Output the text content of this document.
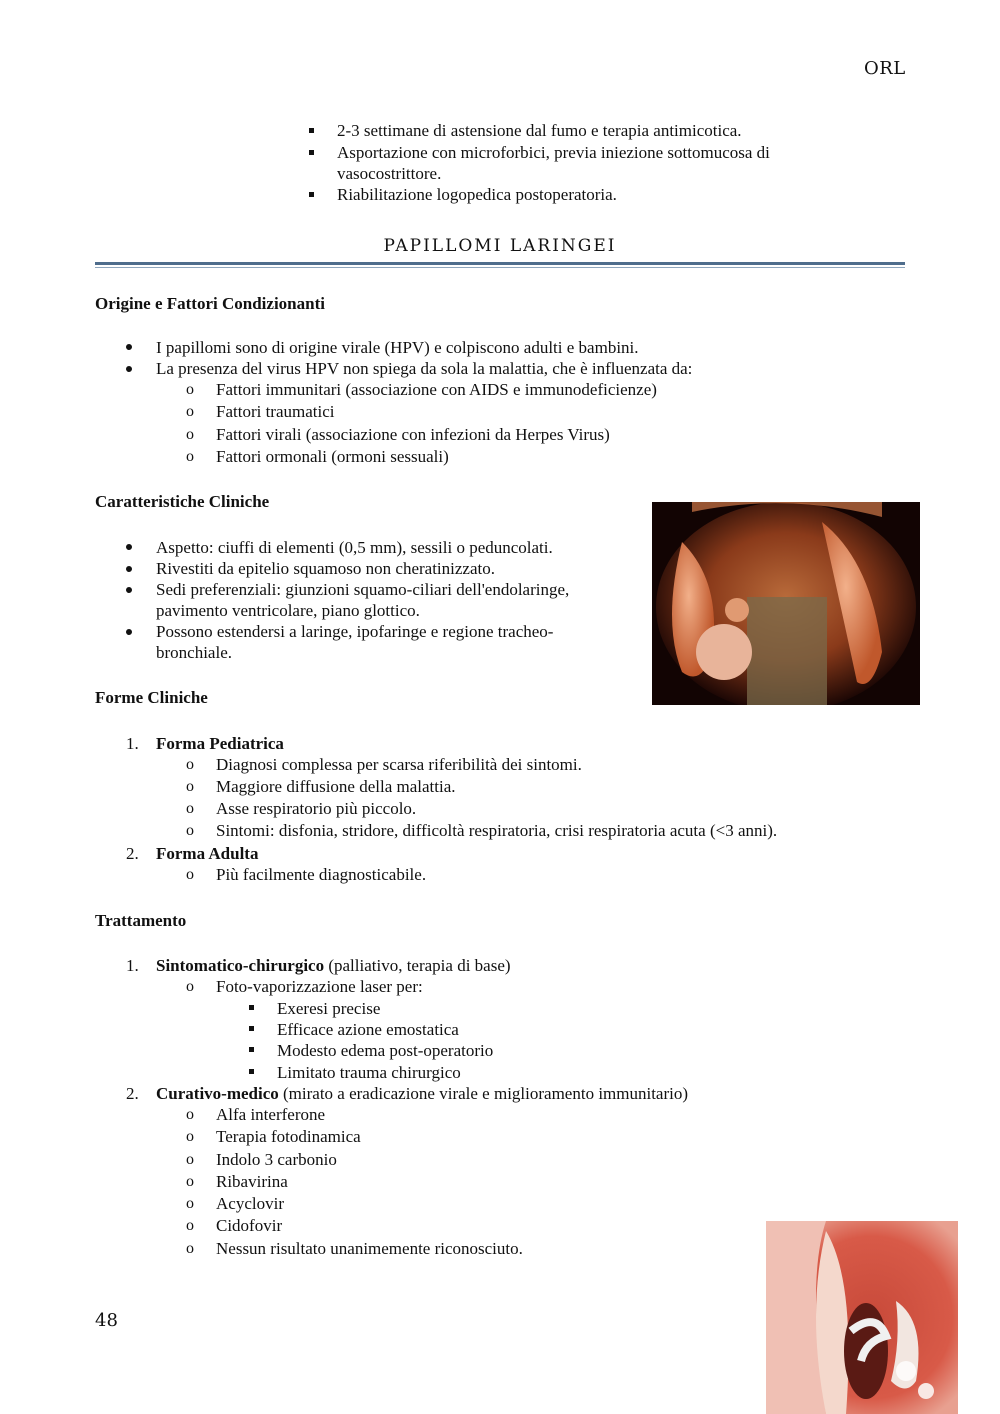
ORL
2-3 settimane di astensione dal fumo e terapia antimicotica.
Asportazione con microforbici, previa iniezione sottomucosa di
vasocostrittore.
Riabilitazione logopedica postoperatoria.
PAPILLOMI LARINGEI
Origine e Fattori Condizionanti
I papillomi sono di origine virale (HPV) e colpiscono adulti e bambini.
La presenza del virus HPV non spiega da sola la malattia, che è influenzata da:
o Fattori immunitari (associazione con AIDS e immunodeficienze)
o Fattori traumatici
o Fattori virali (associazione con infezioni da Herpes Virus)
o Fattori ormonali (ormoni sessuali)
Caratteristiche Cliniche
Aspetto: ciuffi di elementi (0,5 mm), sessili o peduncolati.
Rivestiti da epitelio squamoso non cheratinizzato.
Sedi preferenziali: giunzioni squamo-ciliari dell'endolaringe,
pavimento ventricolare, piano glottico.
Possono estendersi a laringe, ipofaringe e regione tracheo-
bronchiale.
Forme Cliniche
1. Forma Pediatrica
o Diagnosi complessa per scarsa riferibilità dei sintomi.
o Maggiore diffusione della malattia.
o Asse respiratorio più piccolo.
o Sintomi: disfonia, stridore, difficoltà respiratoria, crisi respiratoria acuta (<3 anni).
2. Forma Adulta
o Più facilmente diagnosticabile.
Trattamento
1. Sintomatico-chirurgico (palliativo, terapia di base)
o Foto-vaporizzazione laser per:
Exeresi precise
Efficace azione emostatica
Modesto edema post-operatorio
Limitato trauma chirurgico
2. Curativo-medico (mirato a eradicazione virale e miglioramento immunitario)
o Alfa interferone
o Terapia fotodinamica
o Indolo 3 carbonio
o Ribavirina
o Acyclovir
o Cidofovir
o Nessun risultato unanimemente riconosciuto.
48
